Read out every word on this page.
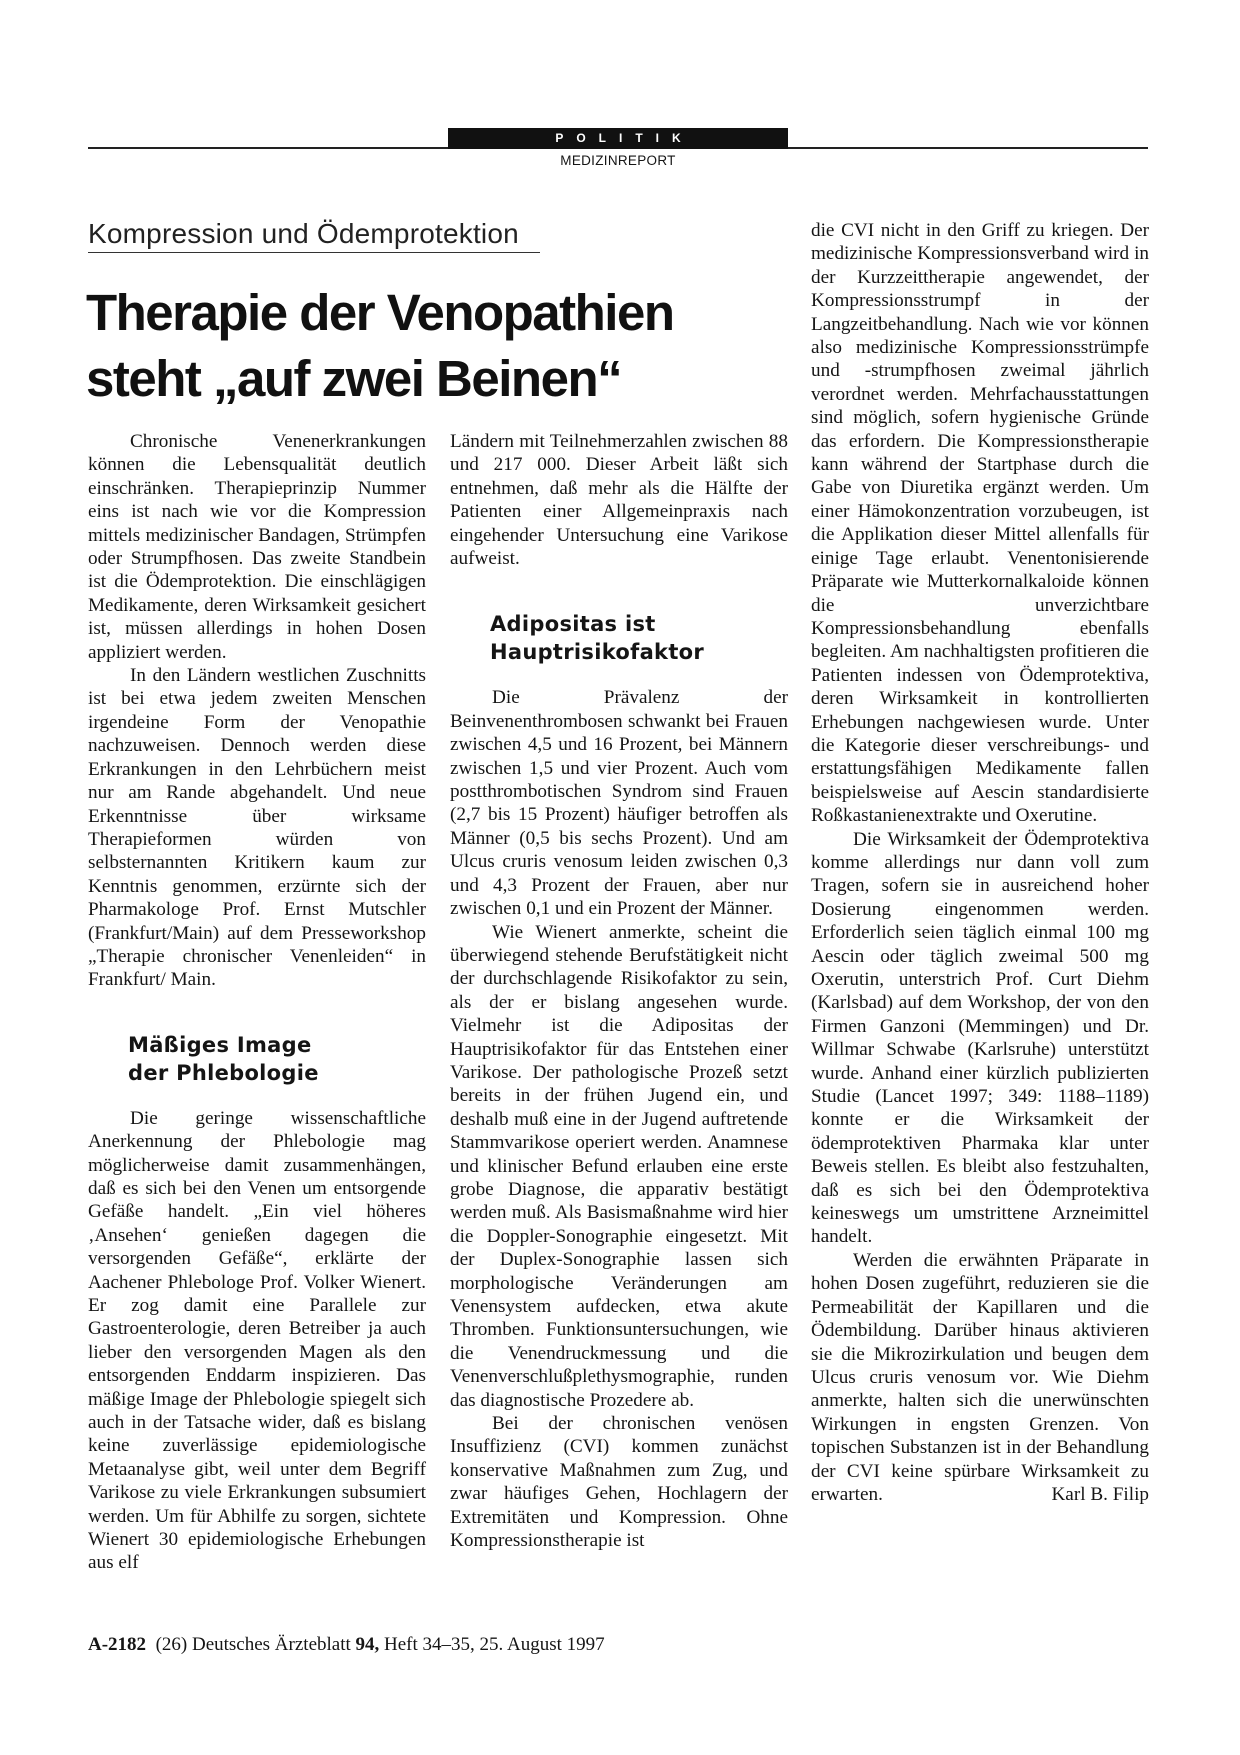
POLITIK
MEDIZINREPORT
Kompression und Ödemprotektion
Therapie der Venopathien
steht „auf zwei Beinen“

Chronische Venenerkrankungen können die Lebensqualität deutlich einschränken. Therapieprinzip Nummer eins ist nach wie vor die Kompression mittels medizinischer Bandagen, Strümpfen oder Strumpfhosen. Das zweite Standbein ist die Ödemprotektion. Die einschlägigen Medikamente, deren Wirksamkeit gesichert ist, müssen allerdings in hohen Dosen appliziert werden.

In den Ländern westlichen Zuschnitts ist bei etwa jedem zweiten Menschen irgendeine Form der Venopathie nachzuweisen. Dennoch werden diese Erkrankungen in den Lehrbüchern meist nur am Rande abgehandelt. Und neue Erkenntnisse über wirksame Therapieformen würden von selbsternannten Kritikern kaum zur Kenntnis genommen, erzürnte sich der Pharmakologe Prof. Ernst Mutschler (Frankfurt/Main) auf dem Presseworkshop „Therapie chronischer Venenleiden“ in Frankfurt/ Main.

Mäßiges Image
der Phlebologie

Die geringe wissenschaftliche Anerkennung der Phlebologie mag möglicherweise damit zusammenhängen, daß es sich bei den Venen um entsorgende Gefäße handelt. „Ein viel höheres ‚Ansehen‘ genießen dagegen die versorgenden Gefäße“, erklärte der Aachener Phlebologe Prof. Volker Wienert. Er zog damit eine Parallele zur Gastroenterologie, deren Betreiber ja auch lieber den versorgenden Magen als den entsorgenden Enddarm inspizieren. Das mäßige Image der Phlebologie spiegelt sich auch in der Tatsache wider, daß es bislang keine zuverlässige epidemiologische Metaanalyse gibt, weil unter dem Begriff Varikose zu viele Erkrankungen subsumiert werden. Um für Abhilfe zu sorgen, sichtete Wienert 30 epidemiologische Erhebungen aus elf

Ländern mit Teilnehmerzahlen zwischen 88 und 217 000. Dieser Arbeit läßt sich entnehmen, daß mehr als die Hälfte der Patienten einer Allgemeinpraxis nach eingehender Untersuchung eine Varikose aufweist.

Adipositas ist
Hauptrisikofaktor

Die Prävalenz der Beinvenenthrombosen schwankt bei Frauen zwischen 4,5 und 16 Prozent, bei Männern zwischen 1,5 und vier Prozent. Auch vom postthrombotischen Syndrom sind Frauen (2,7 bis 15 Prozent) häufiger betroffen als Männer (0,5 bis sechs Prozent). Und am Ulcus cruris venosum leiden zwischen 0,3 und 4,3 Prozent der Frauen, aber nur zwischen 0,1 und ein Prozent der Männer.

Wie Wienert anmerkte, scheint die überwiegend stehende Berufstätigkeit nicht der durchschlagende Risikofaktor zu sein, als der er bislang angesehen wurde. Vielmehr ist die Adipositas der Hauptrisikofaktor für das Entstehen einer Varikose. Der pathologische Prozeß setzt bereits in der frühen Jugend ein, und deshalb muß eine in der Jugend auftretende Stammvarikose operiert werden. Anamnese und klinischer Befund erlauben eine erste grobe Diagnose, die apparativ bestätigt werden muß. Als Basismaßnahme wird hier die Doppler-Sonographie eingesetzt. Mit der Duplex-Sonographie lassen sich morphologische Veränderungen am Venensystem aufdecken, etwa akute Thromben. Funktionsuntersuchungen, wie die Venendruckmessung und die Venenverschlußplethysmographie, runden das diagnostische Prozedere ab.

Bei der chronischen venösen Insuffizienz (CVI) kommen zunächst konservative Maßnahmen zum Zug, und zwar häufiges Gehen, Hochlagern der Extremitäten und Kompression. Ohne Kompressionstherapie ist

die CVI nicht in den Griff zu kriegen. Der medizinische Kompressionsverband wird in der Kurzzeittherapie angewendet, der Kompressionsstrumpf in der Langzeitbehandlung. Nach wie vor können also medizinische Kompressionsstrümpfe und -strumpfhosen zweimal jährlich verordnet werden. Mehrfachausstattungen sind möglich, sofern hygienische Gründe das erfordern. Die Kompressionstherapie kann während der Startphase durch die Gabe von Diuretika ergänzt werden. Um einer Hämokonzentration vorzubeugen, ist die Applikation dieser Mittel allenfalls für einige Tage erlaubt. Venentonisierende Präparate wie Mutterkornalkaloide können die unverzichtbare Kompressionsbehandlung ebenfalls begleiten. Am nachhaltigsten profitieren die Patienten indessen von Ödemprotektiva, deren Wirksamkeit in kontrollierten Erhebungen nachgewiesen wurde. Unter die Kategorie dieser verschreibungs- und erstattungsfähigen Medikamente fallen beispielsweise auf Aescin standardisierte Roßkastanienextrakte und Oxerutine.

Die Wirksamkeit der Ödemprotektiva komme allerdings nur dann voll zum Tragen, sofern sie in ausreichend hoher Dosierung eingenommen werden. Erforderlich seien täglich einmal 100 mg Aescin oder täglich zweimal 500 mg Oxerutin, unterstrich Prof. Curt Diehm (Karlsbad) auf dem Workshop, der von den Firmen Ganzoni (Memmingen) und Dr. Willmar Schwabe (Karlsruhe) unterstützt wurde. Anhand einer kürzlich publizierten Studie (Lancet 1997; 349: 1188–1189) konnte er die Wirksamkeit der ödemprotektiven Pharmaka klar unter Beweis stellen. Es bleibt also festzuhalten, daß es sich bei den Ödemprotektiva keineswegs um umstrittene Arzneimittel handelt.

Werden die erwähnten Präparate in hohen Dosen zugeführt, reduzieren sie die Permeabilität der Kapillaren und die Ödembildung. Darüber hinaus aktivieren sie die Mikrozirkulation und beugen dem Ulcus cruris venosum vor. Wie Diehm anmerkte, halten sich die unerwünschten Wirkungen in engsten Grenzen. Von topischen Substanzen ist in der Behandlung der CVI keine spürbare Wirksamkeit zu erwarten.	Karl B. Filip

A-2182 (26) Deutsches Ärzteblatt 94, Heft 34–35, 25. August 1997
